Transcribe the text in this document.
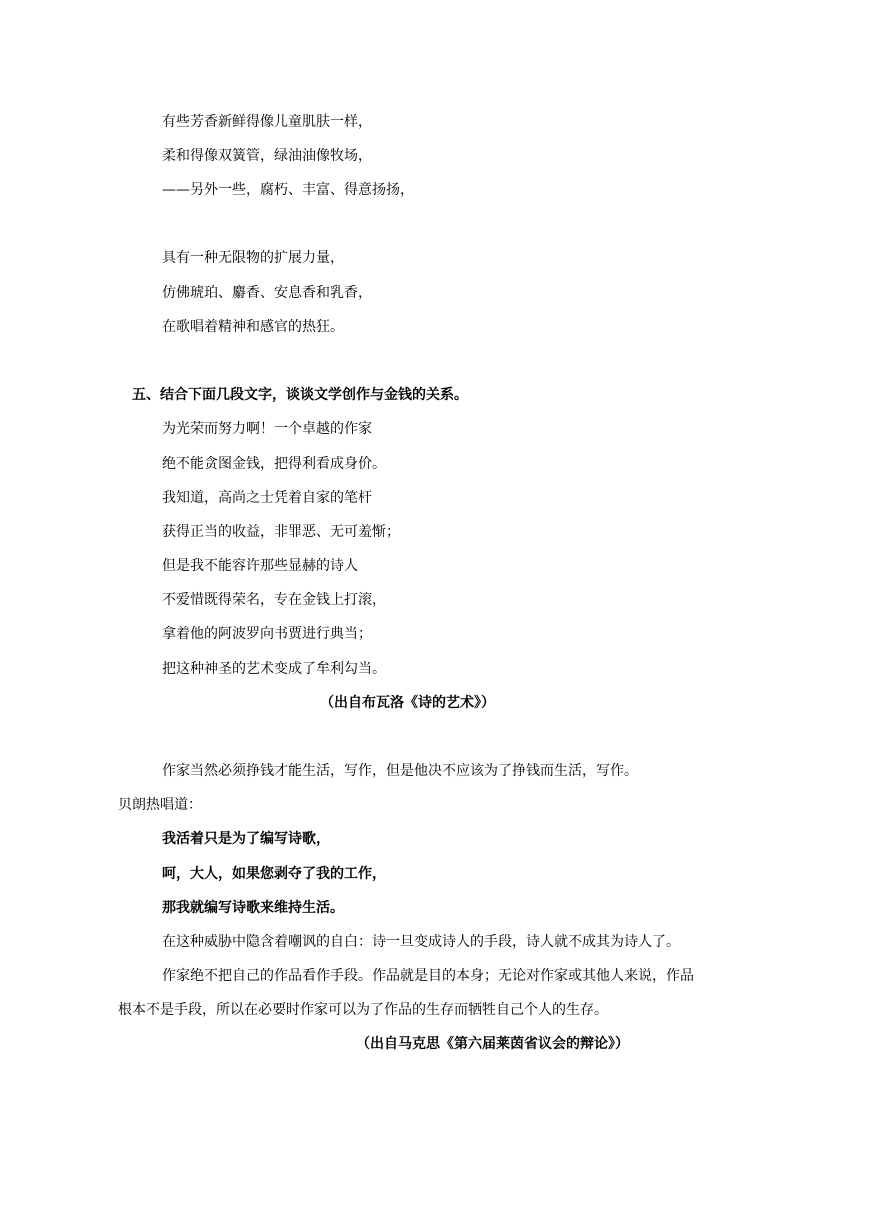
有些芳香新鲜得像儿童肌肤一样，

柔和得像双簧管，绿油油像牧场，

——另外一些，腐朽、丰富、得意扬扬，

具有一种无限物的扩展力量，

仿佛琥珀、麝香、安息香和乳香，

在歌唱着精神和感官的热狂。

五、结合下面几段文字，谈谈文学创作与金钱的关系。

为光荣而努力啊！一个卓越的作家

绝不能贪图金钱，把得利看成身价。

我知道，高尚之士凭着自家的笔杆

获得正当的收益，非罪恶、无可羞惭；

但是我不能容许那些显赫的诗人

不爱惜既得荣名，专在金钱上打滚，

拿着他的阿波罗向书贾进行典当；

把这种神圣的艺术变成了牟利勾当。

（出自布瓦洛《诗的艺术》）

作家当然必须挣钱才能生活，写作，但是他决不应该为了挣钱而生活，写作。

贝朗热唱道：

我活着只是为了编写诗歌，

呵，大人，如果您剥夺了我的工作，

那我就编写诗歌来维持生活。

在这种威胁中隐含着嘲讽的自白：诗一旦变成诗人的手段，诗人就不成其为诗人了。

作家绝不把自己的作品看作手段。作品就是目的本身；无论对作家或其他人来说，作品

根本不是手段，所以在必要时作家可以为了作品的生存而牺牲自己个人的生存。

（出自马克思《第六届莱茵省议会的辩论》）
